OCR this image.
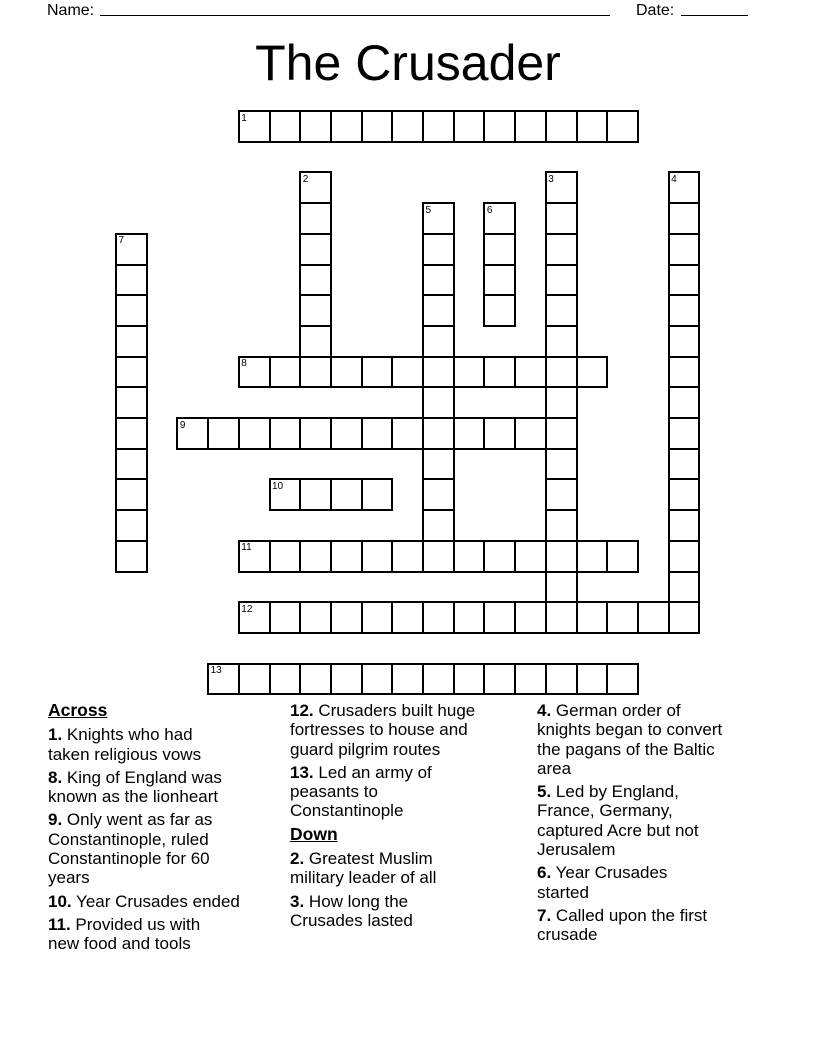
Name:	Date:
The Crusader
1
2	3	4
5	6
7
8
9
10
11
12
13
Across
1. Knights who had
taken religious vows
8. King of England was
known as the lionheart
9. Only went as far as
Constantinople, ruled
Constantinople for 60
years
10. Year Crusades ended
11. Provided us with
new food and tools
12. Crusaders built huge
fortresses to house and
guard pilgrim routes
13. Led an army of
peasants to
Constantinople
Down
2. Greatest Muslim
military leader of all
3. How long the
Crusades lasted
4. German order of
knights began to convert
the pagans of the Baltic
area
5. Led by England,
France, Germany,
captured Acre but not
Jerusalem
6. Year Crusades
started
7. Called upon the first
crusade
